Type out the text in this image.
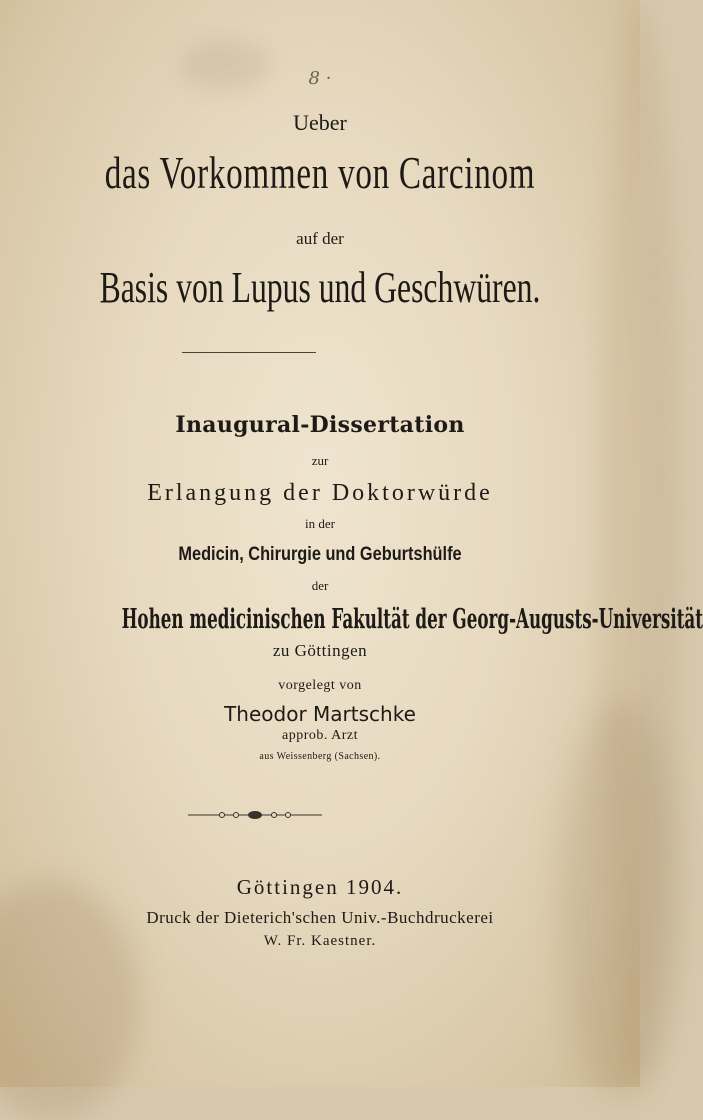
8 ·
Ueber
das Vorkommen von Carcinom
auf der
Basis von Lupus und Geschwüren.
Inaugural-Dissertation
zur
Erlangung der Doktorwürde
in der
Medicin, Chirurgie und Geburtshülfe
der
Hohen medicinischen Fakultät der Georg-Augusts-Universität
zu Göttingen
vorgelegt von
Theodor Martschke
approb. Arzt
aus Weissenberg (Sachsen).
Göttingen 1904.
Druck der Dieterich'schen Univ.-Buchdruckerei
W. Fr. Kaestner.
